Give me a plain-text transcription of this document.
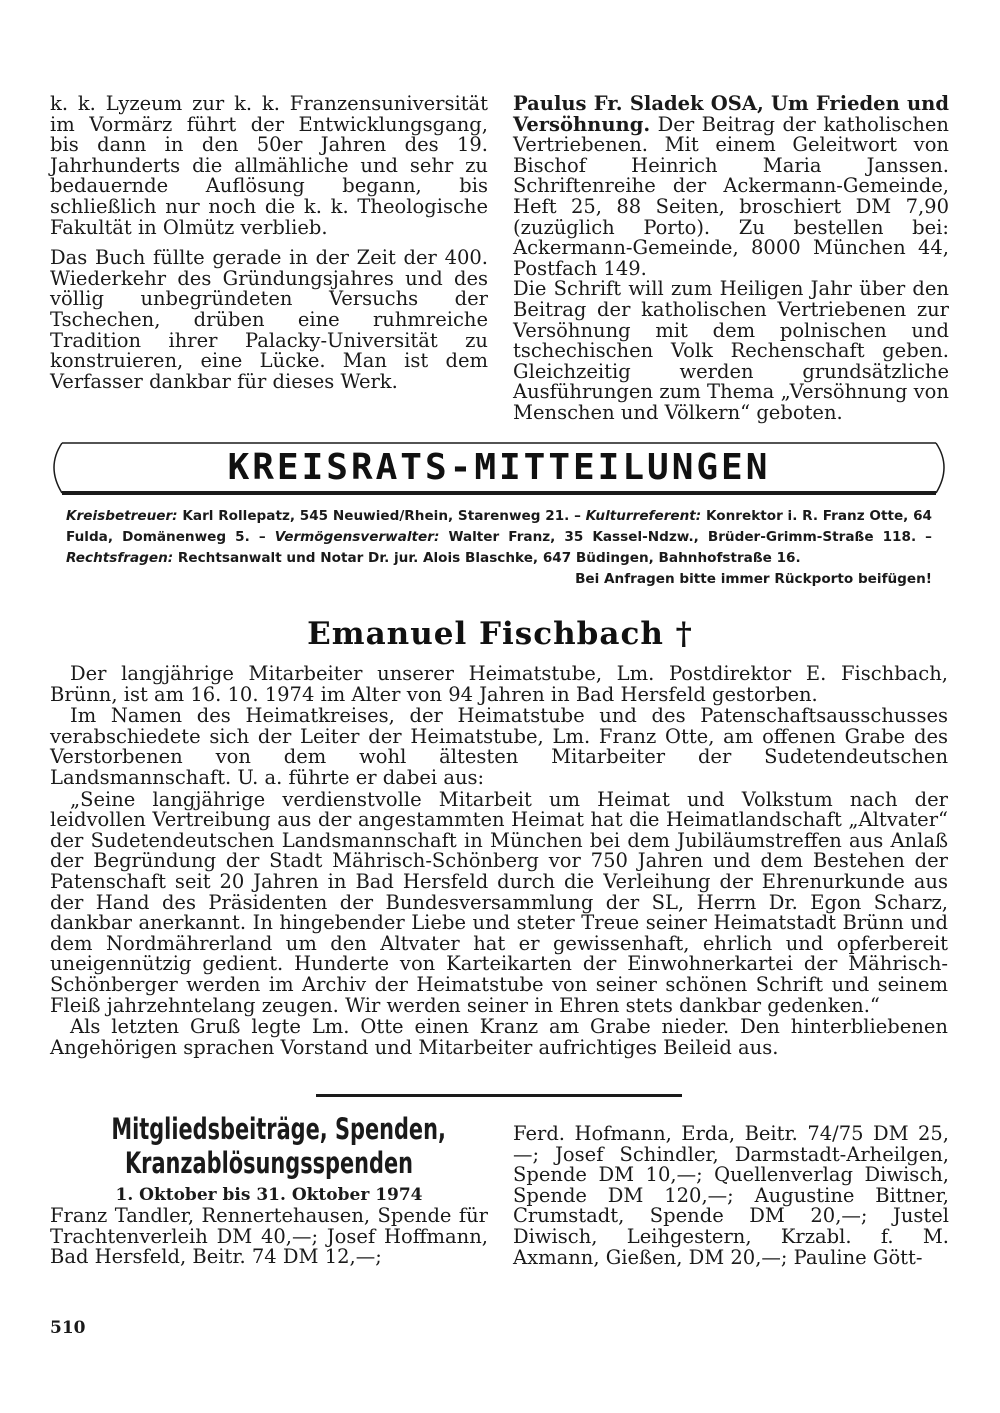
k. k. Lyzeum zur k. k. Franzensuniversität im Vormärz führt der Entwicklungsgang, bis dann in den 50er Jahren des 19. Jahrhunderts die allmähliche und sehr zu bedauernde Auflösung begann, bis schließlich nur noch die k. k. Theologische Fakultät in Olmütz verblieb.

Das Buch füllte gerade in der Zeit der 400. Wiederkehr des Gründungsjahres und des völlig unbegründeten Versuchs der Tschechen, drüben eine ruhmreiche Tradition ihrer Palacky-Universität zu konstruieren, eine Lücke. Man ist dem Verfasser dankbar für dieses Werk.

Paulus Fr. Sladek OSA, Um Frieden und Versöhnung. Der Beitrag der katholischen Vertriebenen. Mit einem Geleitwort von Bischof Heinrich Maria Janssen. Schriftenreihe der Ackermann-Gemeinde, Heft 25, 88 Seiten, broschiert DM 7,90 (zuzüglich Porto). Zu bestellen bei: Ackermann-Gemeinde, 8000 München 44, Postfach 149.

Die Schrift will zum Heiligen Jahr über den Beitrag der katholischen Vertriebenen zur Versöhnung mit dem polnischen und tschechischen Volk Rechenschaft geben. Gleichzeitig werden grundsätzliche Ausführungen zum Thema „Versöhnung von Menschen und Völkern“ geboten.

KREISRATS-MITTEILUNGEN
Kreisbetreuer: Karl Rollepatz, 545 Neuwied/Rhein, Starenweg 21. – Kulturreferent: Konrektor i. R. Franz Otte, 64 Fulda, Domänenweg 5. – Vermögensverwalter: Walter Franz, 35 Kassel-Ndzw., Brüder-Grimm-Straße 118. – Rechtsfragen: Rechtsanwalt und Notar Dr. jur. Alois Blaschke, 647 Büdingen, Bahnhofstraße 16.
Bei Anfragen bitte immer Rückporto beifügen!
Emanuel Fischbach †

Der langjährige Mitarbeiter unserer Heimatstube, Lm. Postdirektor E. Fischbach, Brünn, ist am 16. 10. 1974 im Alter von 94 Jahren in Bad Hersfeld gestorben.

Im Namen des Heimatkreises, der Heimatstube und des Patenschaftsausschusses verabschiedete sich der Leiter der Heimatstube, Lm. Franz Otte, am offenen Grabe des Verstorbenen von dem wohl ältesten Mitarbeiter der Sudetendeutschen Landsmannschaft. U. a. führte er dabei aus:

„Seine langjährige verdienstvolle Mitarbeit um Heimat und Volkstum nach der leidvollen Vertreibung aus der angestammten Heimat hat die Heimatlandschaft „Altvater“ der Sudetendeutschen Landsmannschaft in München bei dem Jubiläumstreffen aus Anlaß der Begründung der Stadt Mährisch-Schönberg vor 750 Jahren und dem Bestehen der Patenschaft seit 20 Jahren in Bad Hersfeld durch die Verleihung der Ehrenurkunde aus der Hand des Präsidenten der Bundesversammlung der SL, Herrn Dr. Egon Scharz, dankbar anerkannt. In hingebender Liebe und steter Treue seiner Heimatstadt Brünn und dem Nordmährerland um den Altvater hat er gewissenhaft, ehrlich und opferbereit uneigennützig gedient. Hunderte von Karteikarten der Einwohnerkartei der Mährisch-Schönberger werden im Archiv der Heimatstube von seiner schönen Schrift und seinem Fleiß jahrzehntelang zeugen. Wir werden seiner in Ehren stets dankbar gedenken.“

Als letzten Gruß legte Lm. Otte einen Kranz am Grabe nieder. Den hinterbliebenen Angehörigen sprachen Vorstand und Mitarbeiter aufrichtiges Beileid aus.

Mitgliedsbeiträge, Spenden,
Kranzablösungsspenden
1. Oktober bis 31. Oktober 1974

Franz Tandler, Rennertehausen, Spende für Trachtenverleih DM 40,—; Josef Hoffmann, Bad Hersfeld, Beitr. 74 DM 12,—;

Ferd. Hofmann, Erda, Beitr. 74/75 DM 25,—; Josef Schindler, Darmstadt-Arheilgen, Spende DM 10,—; Quellenverlag Diwisch, Spende DM 120,—; Augustine Bittner, Crumstadt, Spende DM 20,—; Justel Diwisch, Leihgestern, Krzabl. f. M. Axmann, Gießen, DM 20,—; Pauline Gött-

510
